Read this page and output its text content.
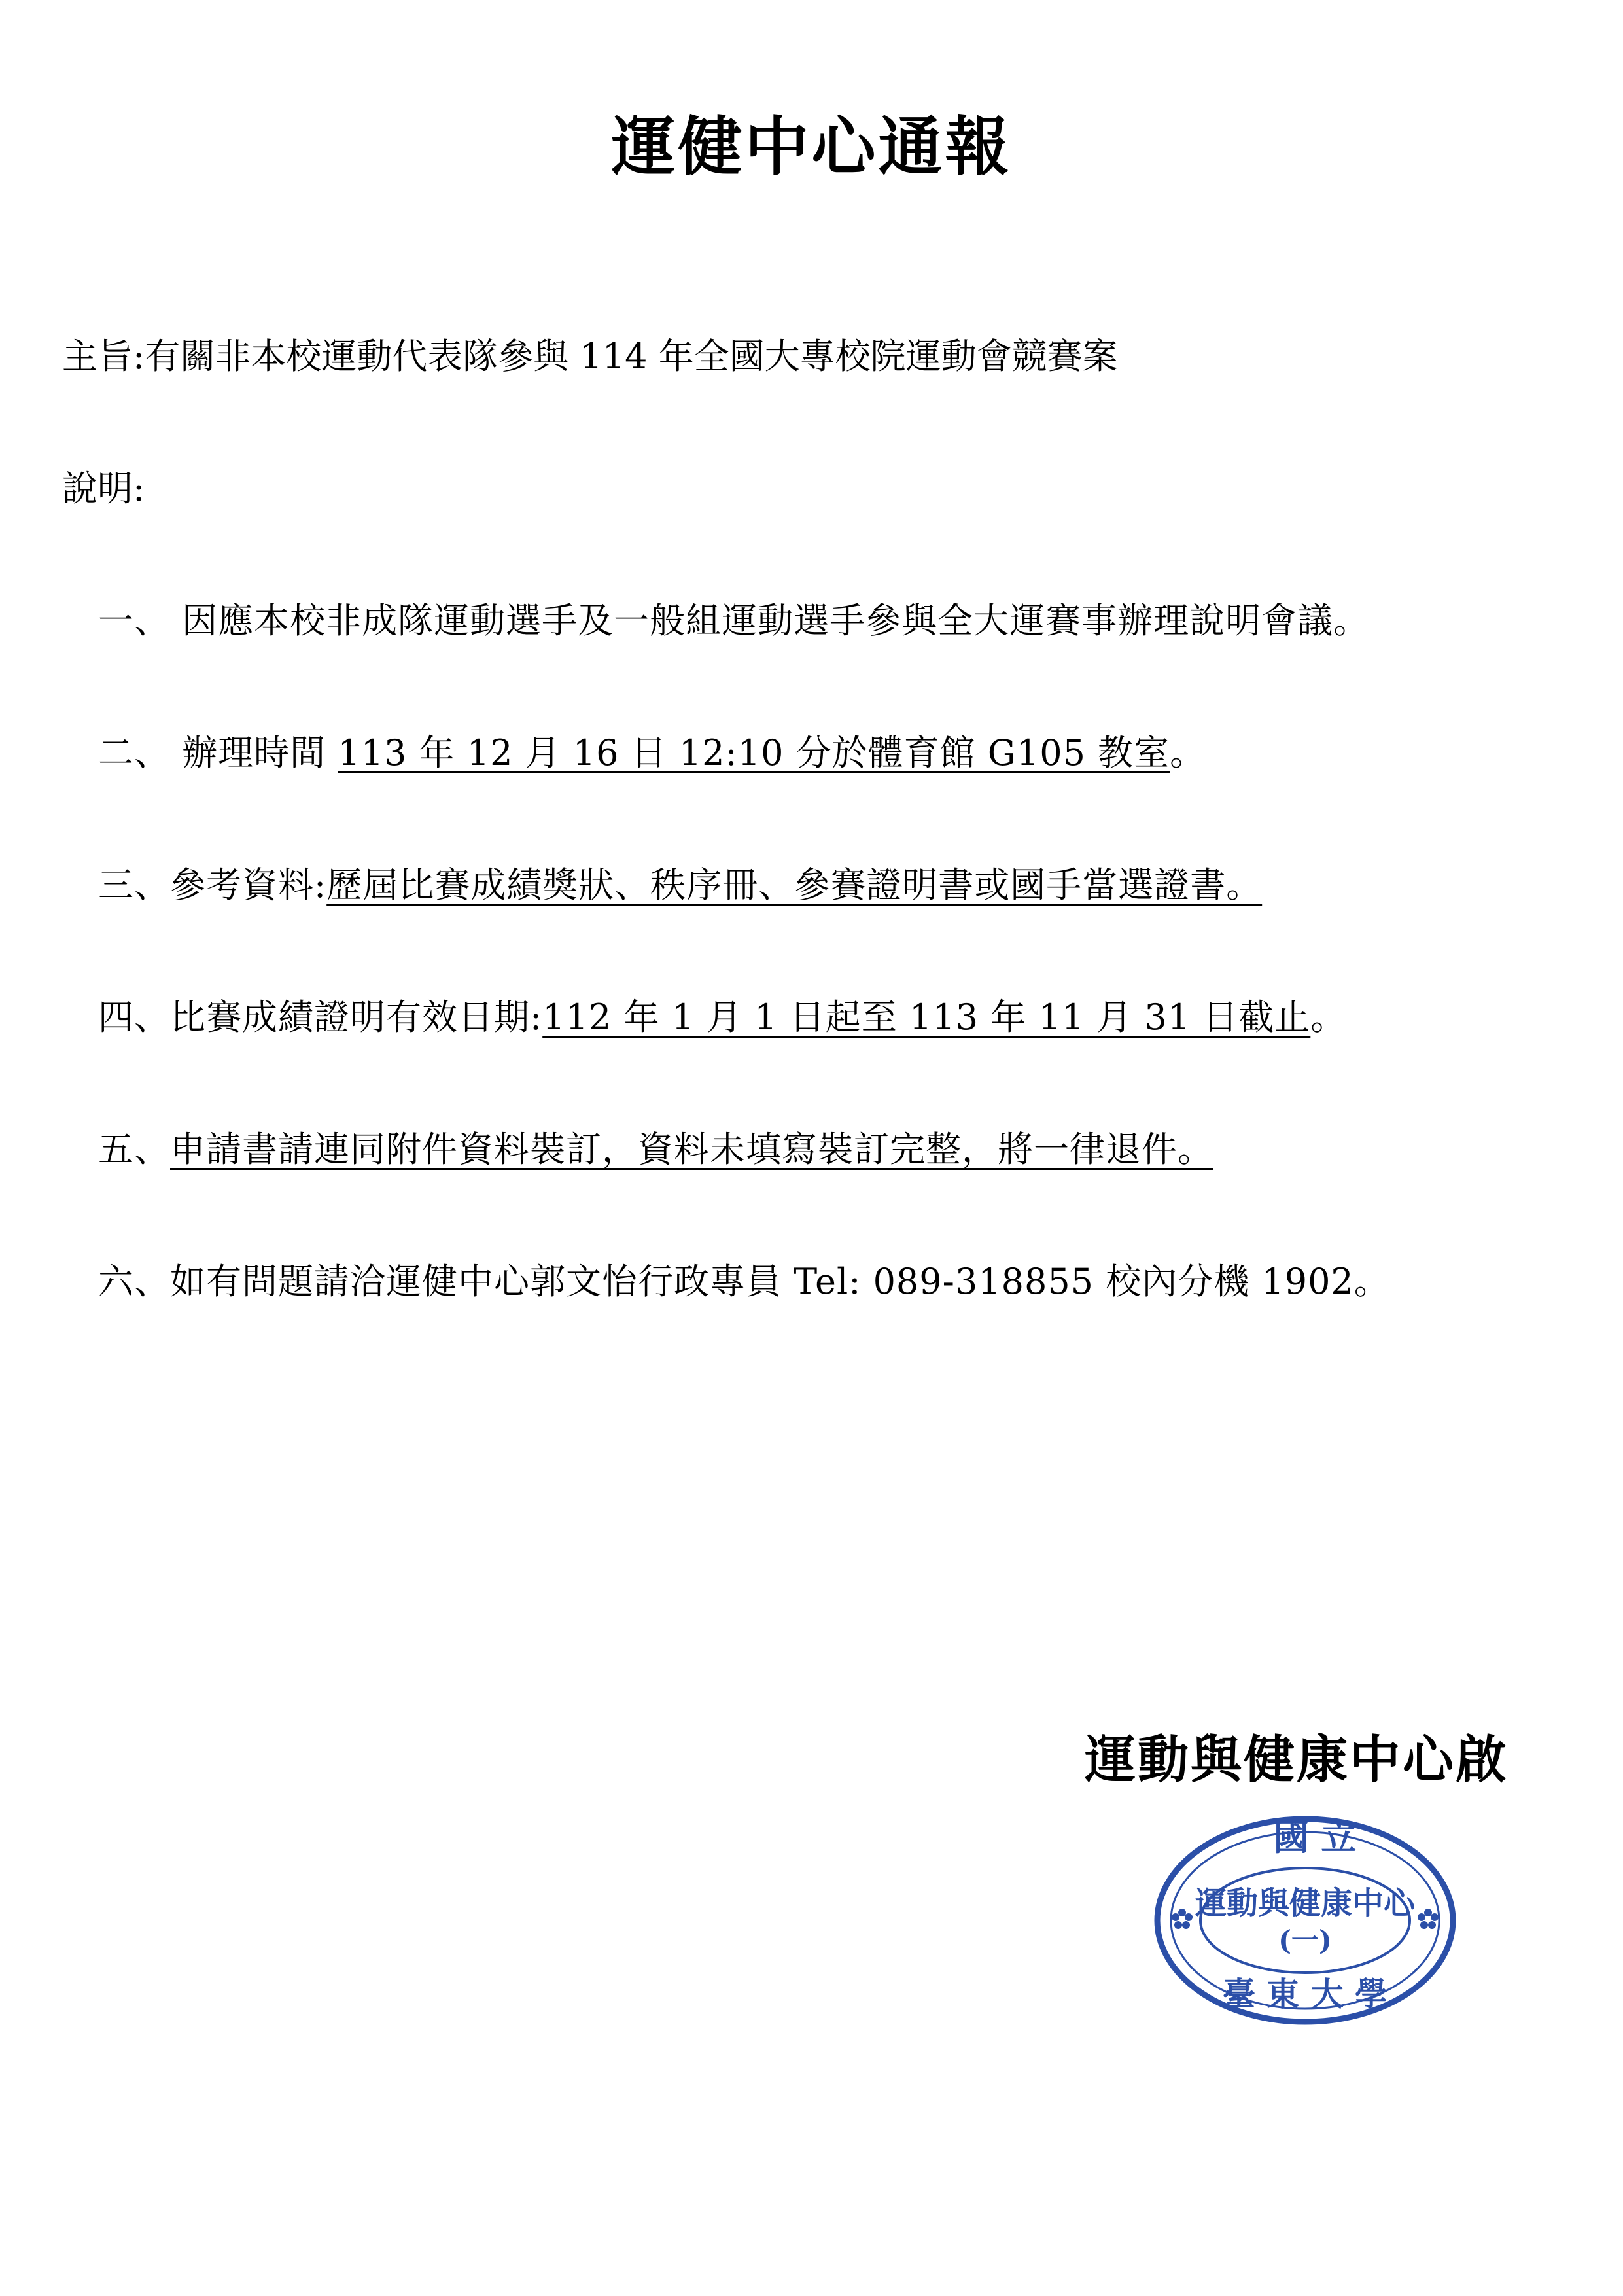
運健中心通報
主旨:有關非本校運動代表隊參與 114 年全國大專校院運動會競賽案
說明:
一、 因應本校非成隊運動選手及一般組運動選手參與全大運賽事辦理說明會議。
二、 辦理時間 113 年 12 月 16 日 12:10 分於體育館 G105 教室。
三、參考資料:歷屆比賽成績獎狀、秩序冊、參賽證明書或國手當選證書。
四、比賽成績證明有效日期:112 年 1 月 1 日起至 113 年 11 月 31 日截止。
五、申請書請連同附件資料裝訂，資料未填寫裝訂完整，將一律退件。
六、如有問題請洽運健中心郭文怡行政專員 Tel: 089-318855 校內分機 1902。
運動與健康中心啟
國 立
運動與健康中心
(一)
臺 東 大 學
